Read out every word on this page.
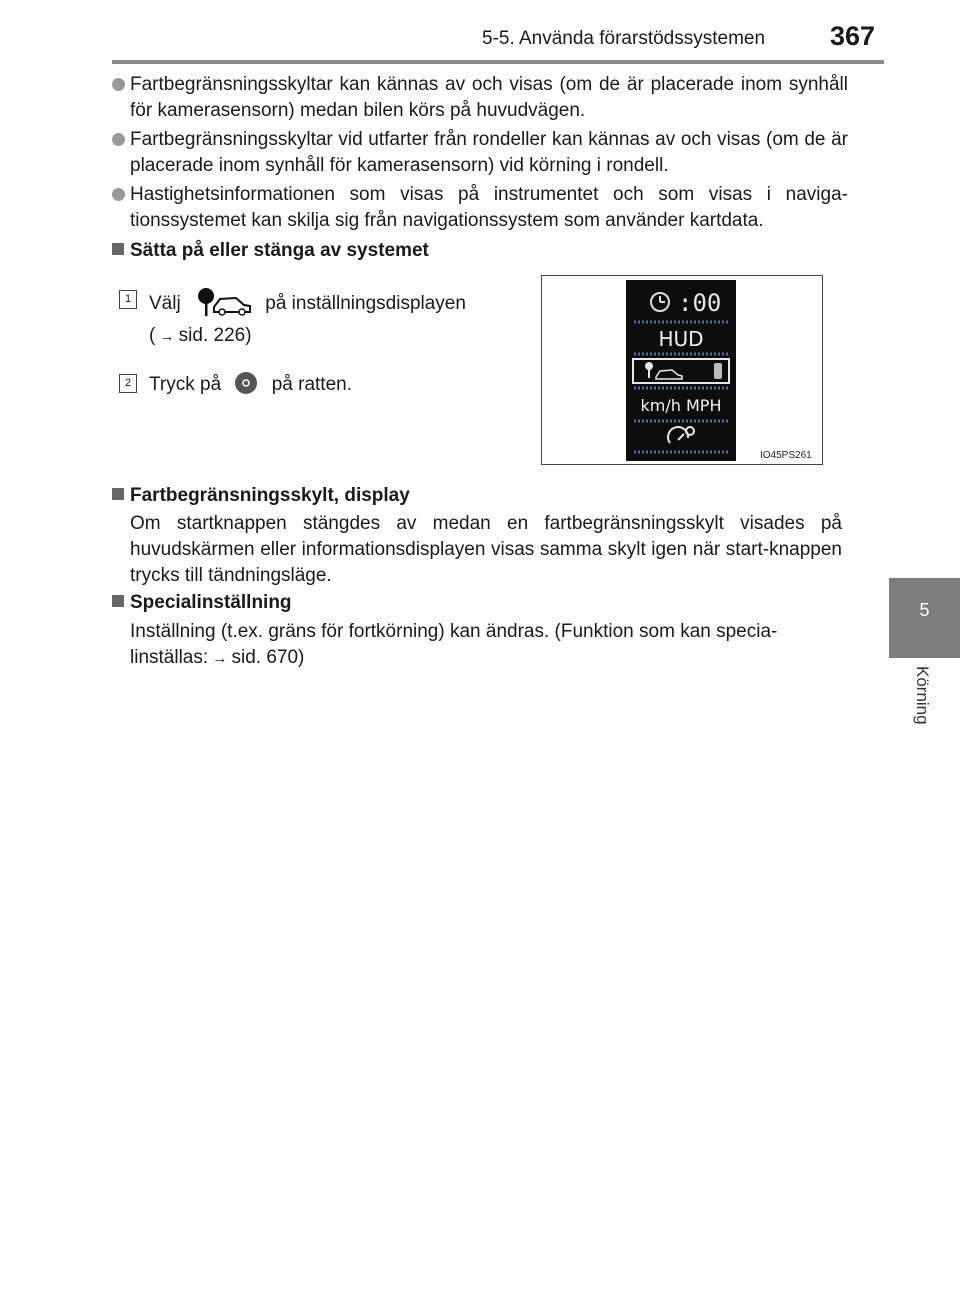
5-5. Använda förarstödssystemen 367
5
Körning

Fartbegränsningsskyltar kan kännas av och visas (om de är placerade inom synhåll för kamerasensorn) medan bilen körs på huvudvägen.

Fartbegränsningsskyltar vid utfarter från rondeller kan kännas av och visas (om de är placerade inom synhåll för kamerasensorn) vid körning i rondell.

Hastighetsinformationen som visas på instrumentet och som visas i naviga-tionssystemet kan skilja sig från navigationssystem som använder kartdata.

Sätta på eller stänga av systemet
1 Välj	på inställningsdisplayen
( → sid. 226)
2 Tryck på	på ratten.
:00
HUD
km/h MPH
IO45PS261
Fartbegränsningsskylt, display

Om startknappen stängdes av medan en fartbegränsningsskylt visades på huvudskärmen eller informationsdisplayen visas samma skylt igen när start-knappen trycks till tändningsläge.

Specialinställning
Inställning (t.ex. gräns för fortkörning) kan ändras. (Funktion som kan specia-
linställas: → sid. 670)
